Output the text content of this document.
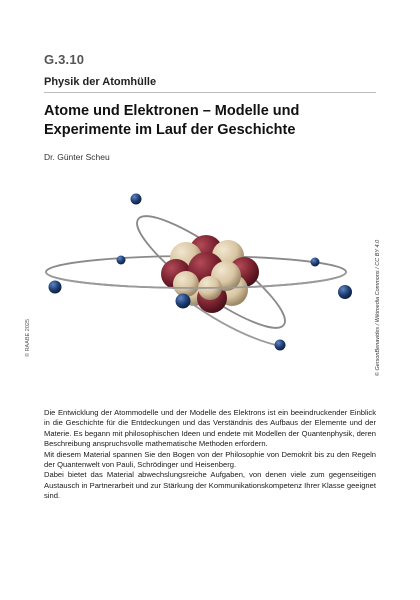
G.3.10
Physik der Atomhülle
Atome und Elektronen – Modelle und Experimente im Lauf der Geschichte
Dr. Günter Scheu
© RAABE 2025	© GersonBenavides / Wikimedia Commons / CC BY 4.0

Die Entwicklung der Atommodelle und der Modelle des Elektrons ist ein beeindruckender Einblick in die Geschichte für die Entdeckungen und das Verständnis des Aufbaus der Elemente und der Materie. Es begann mit philosophischen Ideen und endete mit Modellen der Quantenphysik, deren Beschreibung anspruchsvolle mathematische Methoden erfordern.

Mit diesem Material spannen Sie den Bogen von der Philosophie von Demokrit bis zu den Regeln der Quantenwelt von Pauli, Schrödinger und Heisenberg.

Dabei bietet das Material abwechslungsreiche Aufgaben, von denen viele zum gegenseitigen Austausch in Partnerarbeit und zur Stärkung der Kommunikationskompetenz Ihrer Klasse geeignet sind.
